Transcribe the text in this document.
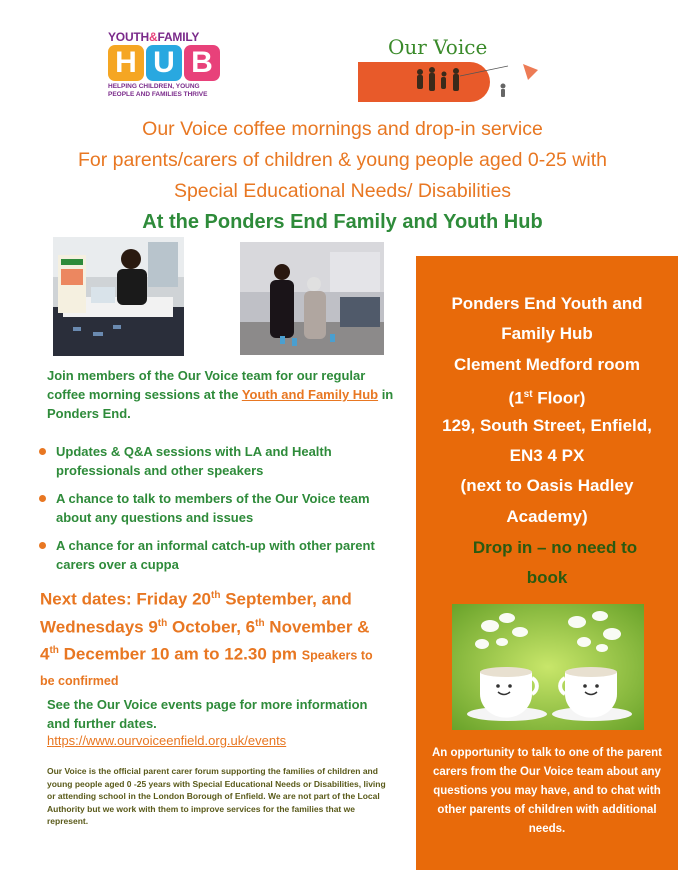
YOUTH&FAMILY
H U B
HELPING CHILDREN, YOUNG
PEOPLE AND FAMILIES THRIVE
Our Voice
Our Voice coffee mornings and drop-in service
For parents/carers of children & young people aged 0-25 with
Special Educational Needs/ Disabilities
At the Ponders End Family and Youth Hub
Join members of the Our Voice team for our regular coffee morning sessions at the Youth and Family Hub in Ponders End.
Updates & Q&A sessions with LA and Health professionals and other speakers
A chance to talk to members of the Our Voice team about any questions and issues
A chance for an informal catch-up with other parent carers over a cuppa
Next dates: Friday 20th September, and Wednesdays 9th October, 6th November & 4th December 10 am to 12.30 pm Speakers to be confirmed
See the Our Voice events page for more information and further dates.
https://www.ourvoiceenfield.org.uk/events
Our Voice is the official parent carer forum supporting the families of children and young people aged 0 -25 years with Special Educational Needs or Disabilities, living or attending school in the London Borough of Enfield. We are not part of the Local Authority but we work with them to improve services for the families that we represent.
Ponders End Youth and
Family Hub
Clement Medford room
(1st Floor)
129, South Street, Enfield,
EN3 4 PX
(next to Oasis Hadley
Academy)
Drop in – no need to
book
An opportunity to talk to one of the parent carers from the Our Voice team about any questions you may have, and to chat with other parents of children with additional needs.
